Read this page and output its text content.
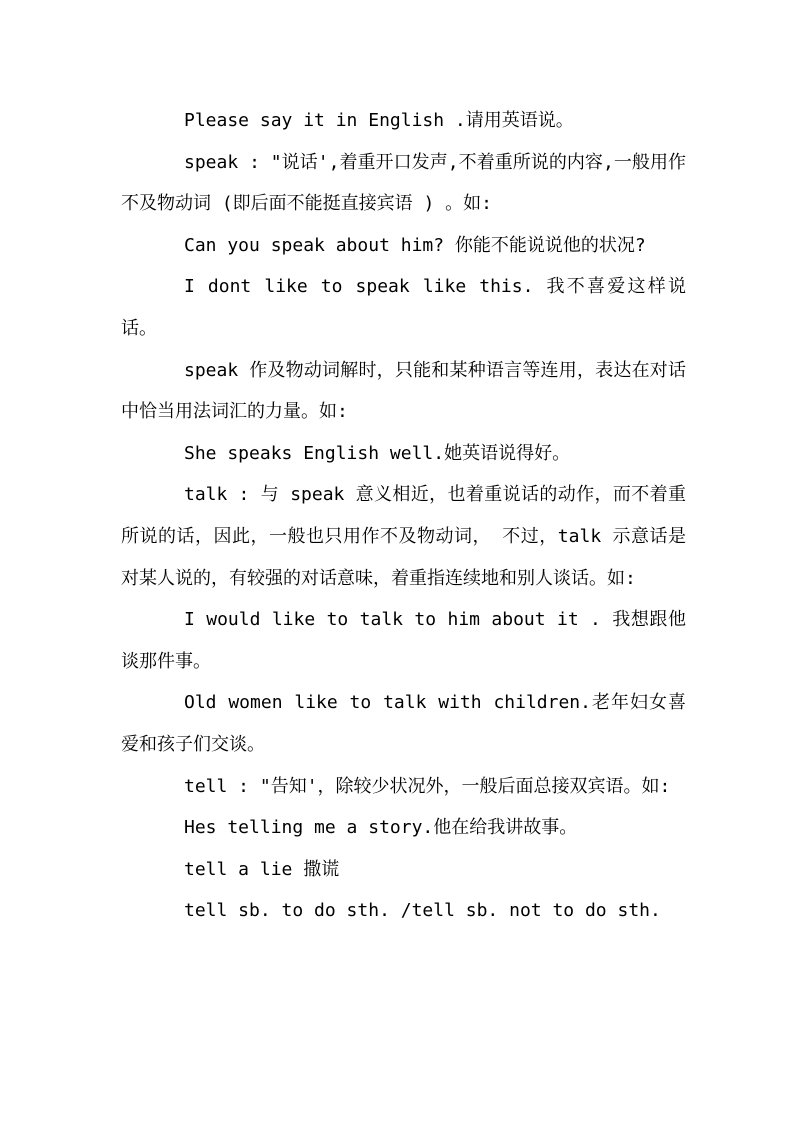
Please say it in English .请用英语说。

speak : "说话',着重开口发声,不着重所说的内容,一般用作不及物动词 (即后面不能挺直接宾语 ) 。如:

Can you speak about him? 你能不能说说他的状况?

I dont like to speak like this. 我不喜爱这样说话。

speak 作及物动词解时，只能和某种语言等连用，表达在对话中恰当用法词汇的力量。如:

She speaks English well.她英语说得好。

talk : 与 speak 意义相近，也着重说话的动作，而不着重所说的话，因此，一般也只用作不及物动词， 不过，talk 示意话是对某人说的，有较强的对话意味，着重指连续地和别人谈话。如:

I would like to talk to him about it . 我想跟他谈那件事。

Old women like to talk with children.老年妇女喜爱和孩子们交谈。

tell : "告知'，除较少状况外，一般后面总接双宾语。如:

Hes telling me a story.他在给我讲故事。

tell a lie 撒谎

tell sb. to do sth. /tell sb. not to do sth.
